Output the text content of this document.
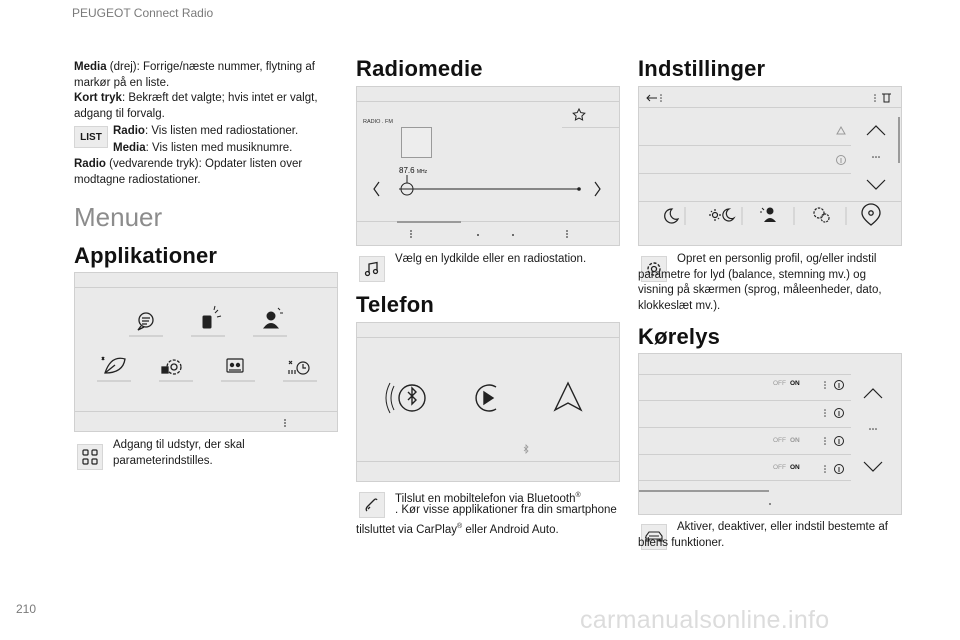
PEUGEOT Connect Radio
Media (drej): Forrige/næste nummer, flytning af markør på en liste.
Kort tryk: Bekræft det valgte; hvis intet er valgt, adgang til forvalg.
LIST Radio: Vis listen med radiostationer.
Media: Vis listen med musiknumre.
Radio (vedvarende tryk): Opdater listen over modtagne radiostationer.
Menuer
Applikationer
Adgang til udstyr, der skal parameterindstilles.
Radiomedie
RADIO . FM
87.6 MHz
Vælg en lydkilde eller en radiostation.
Telefon
Tilslut en mobiltelefon via Bluetooth®
. Kør visse applikationer fra din smartphone tilsluttet via CarPlay® eller Android Auto.
Indstillinger
Opret en personlig profil, og/eller indstil parametre for lyd (balance, stemning mv.) og visning på skærmen (sprog, måleenheder, dato, klokkeslæt mv.).
Kørelys
OFF ON
OFF ON
OFF ON
Aktiver, deaktiver, eller indstil bestemte af bilens funktioner.
210	carmanualsonline.info
